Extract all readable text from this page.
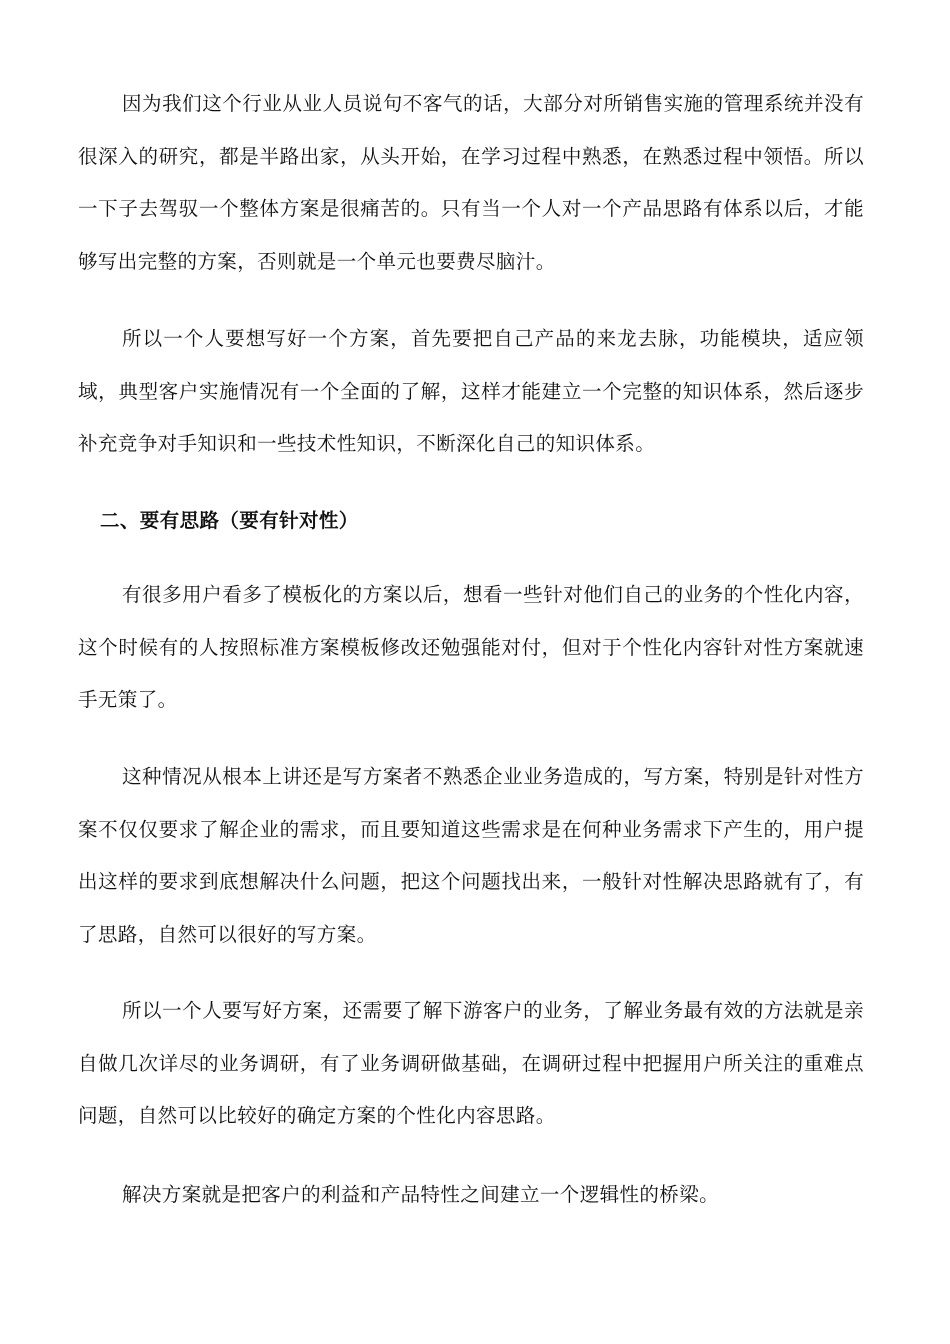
因为我们这个行业从业人员说句不客气的话，大部分对所销售实施的管理系统并没有很深入的研究，都是半路出家，从头开始，在学习过程中熟悉，在熟悉过程中领悟。所以一下子去驾驭一个整体方案是很痛苦的。只有当一个人对一个产品思路有体系以后，才能够写出完整的方案，否则就是一个单元也要费尽脑汁。

所以一个人要想写好一个方案，首先要把自己产品的来龙去脉，功能模块，适应领域，典型客户实施情况有一个全面的了解，这样才能建立一个完整的知识体系，然后逐步补充竞争对手知识和一些技术性知识，不断深化自己的知识体系。

二、要有思路（要有针对性）

有很多用户看多了模板化的方案以后，想看一些针对他们自己的业务的个性化内容，这个时候有的人按照标准方案模板修改还勉强能对付，但对于个性化内容针对性方案就速手无策了。

这种情况从根本上讲还是写方案者不熟悉企业业务造成的，写方案，特别是针对性方案不仅仅要求了解企业的需求，而且要知道这些需求是在何种业务需求下产生的，用户提出这样的要求到底想解决什么问题，把这个问题找出来，一般针对性解决思路就有了，有了思路，自然可以很好的写方案。

所以一个人要写好方案，还需要了解下游客户的业务，了解业务最有效的方法就是亲自做几次详尽的业务调研，有了业务调研做基础，在调研过程中把握用户所关注的重难点问题，自然可以比较好的确定方案的个性化内容思路。

解决方案就是把客户的利益和产品特性之间建立一个逻辑性的桥梁。
